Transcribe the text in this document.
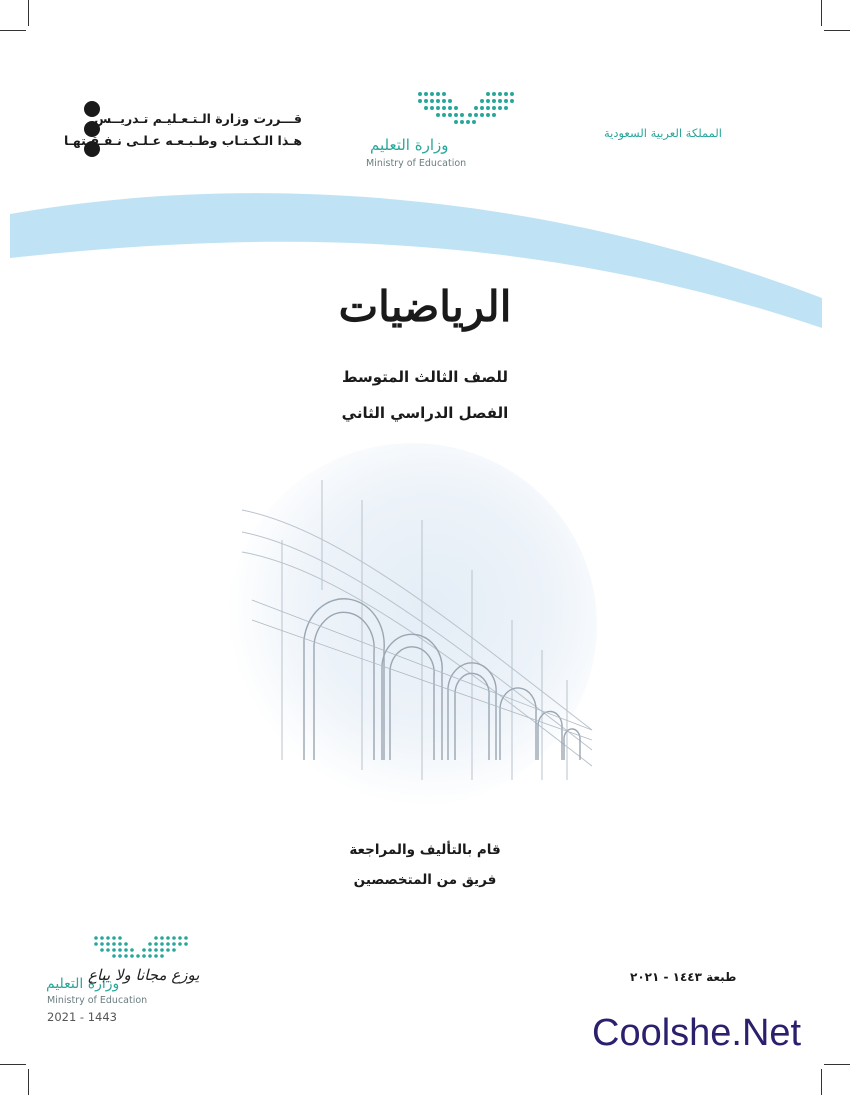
قـــررت وزارة الـتـعـليـم تـدريــس
هـذا الـكـتـاب وطـبـعـه عـلـى نـفـقـتهـا	وزارة التعليم
Ministry of Education
المملكة العربية السعودية
الرياضيات
للصف الثالث المتوسط
الفصل الدراسي الثاني
قام بالتأليف والمراجعة
فريق من المتخصصين
وزارة التعليم
يوزع مجانا ولا يباع
Ministry of Education
2021 - 1443
طبعة ١٤٤٣ - ٢٠٢١
Coolshe.Net
